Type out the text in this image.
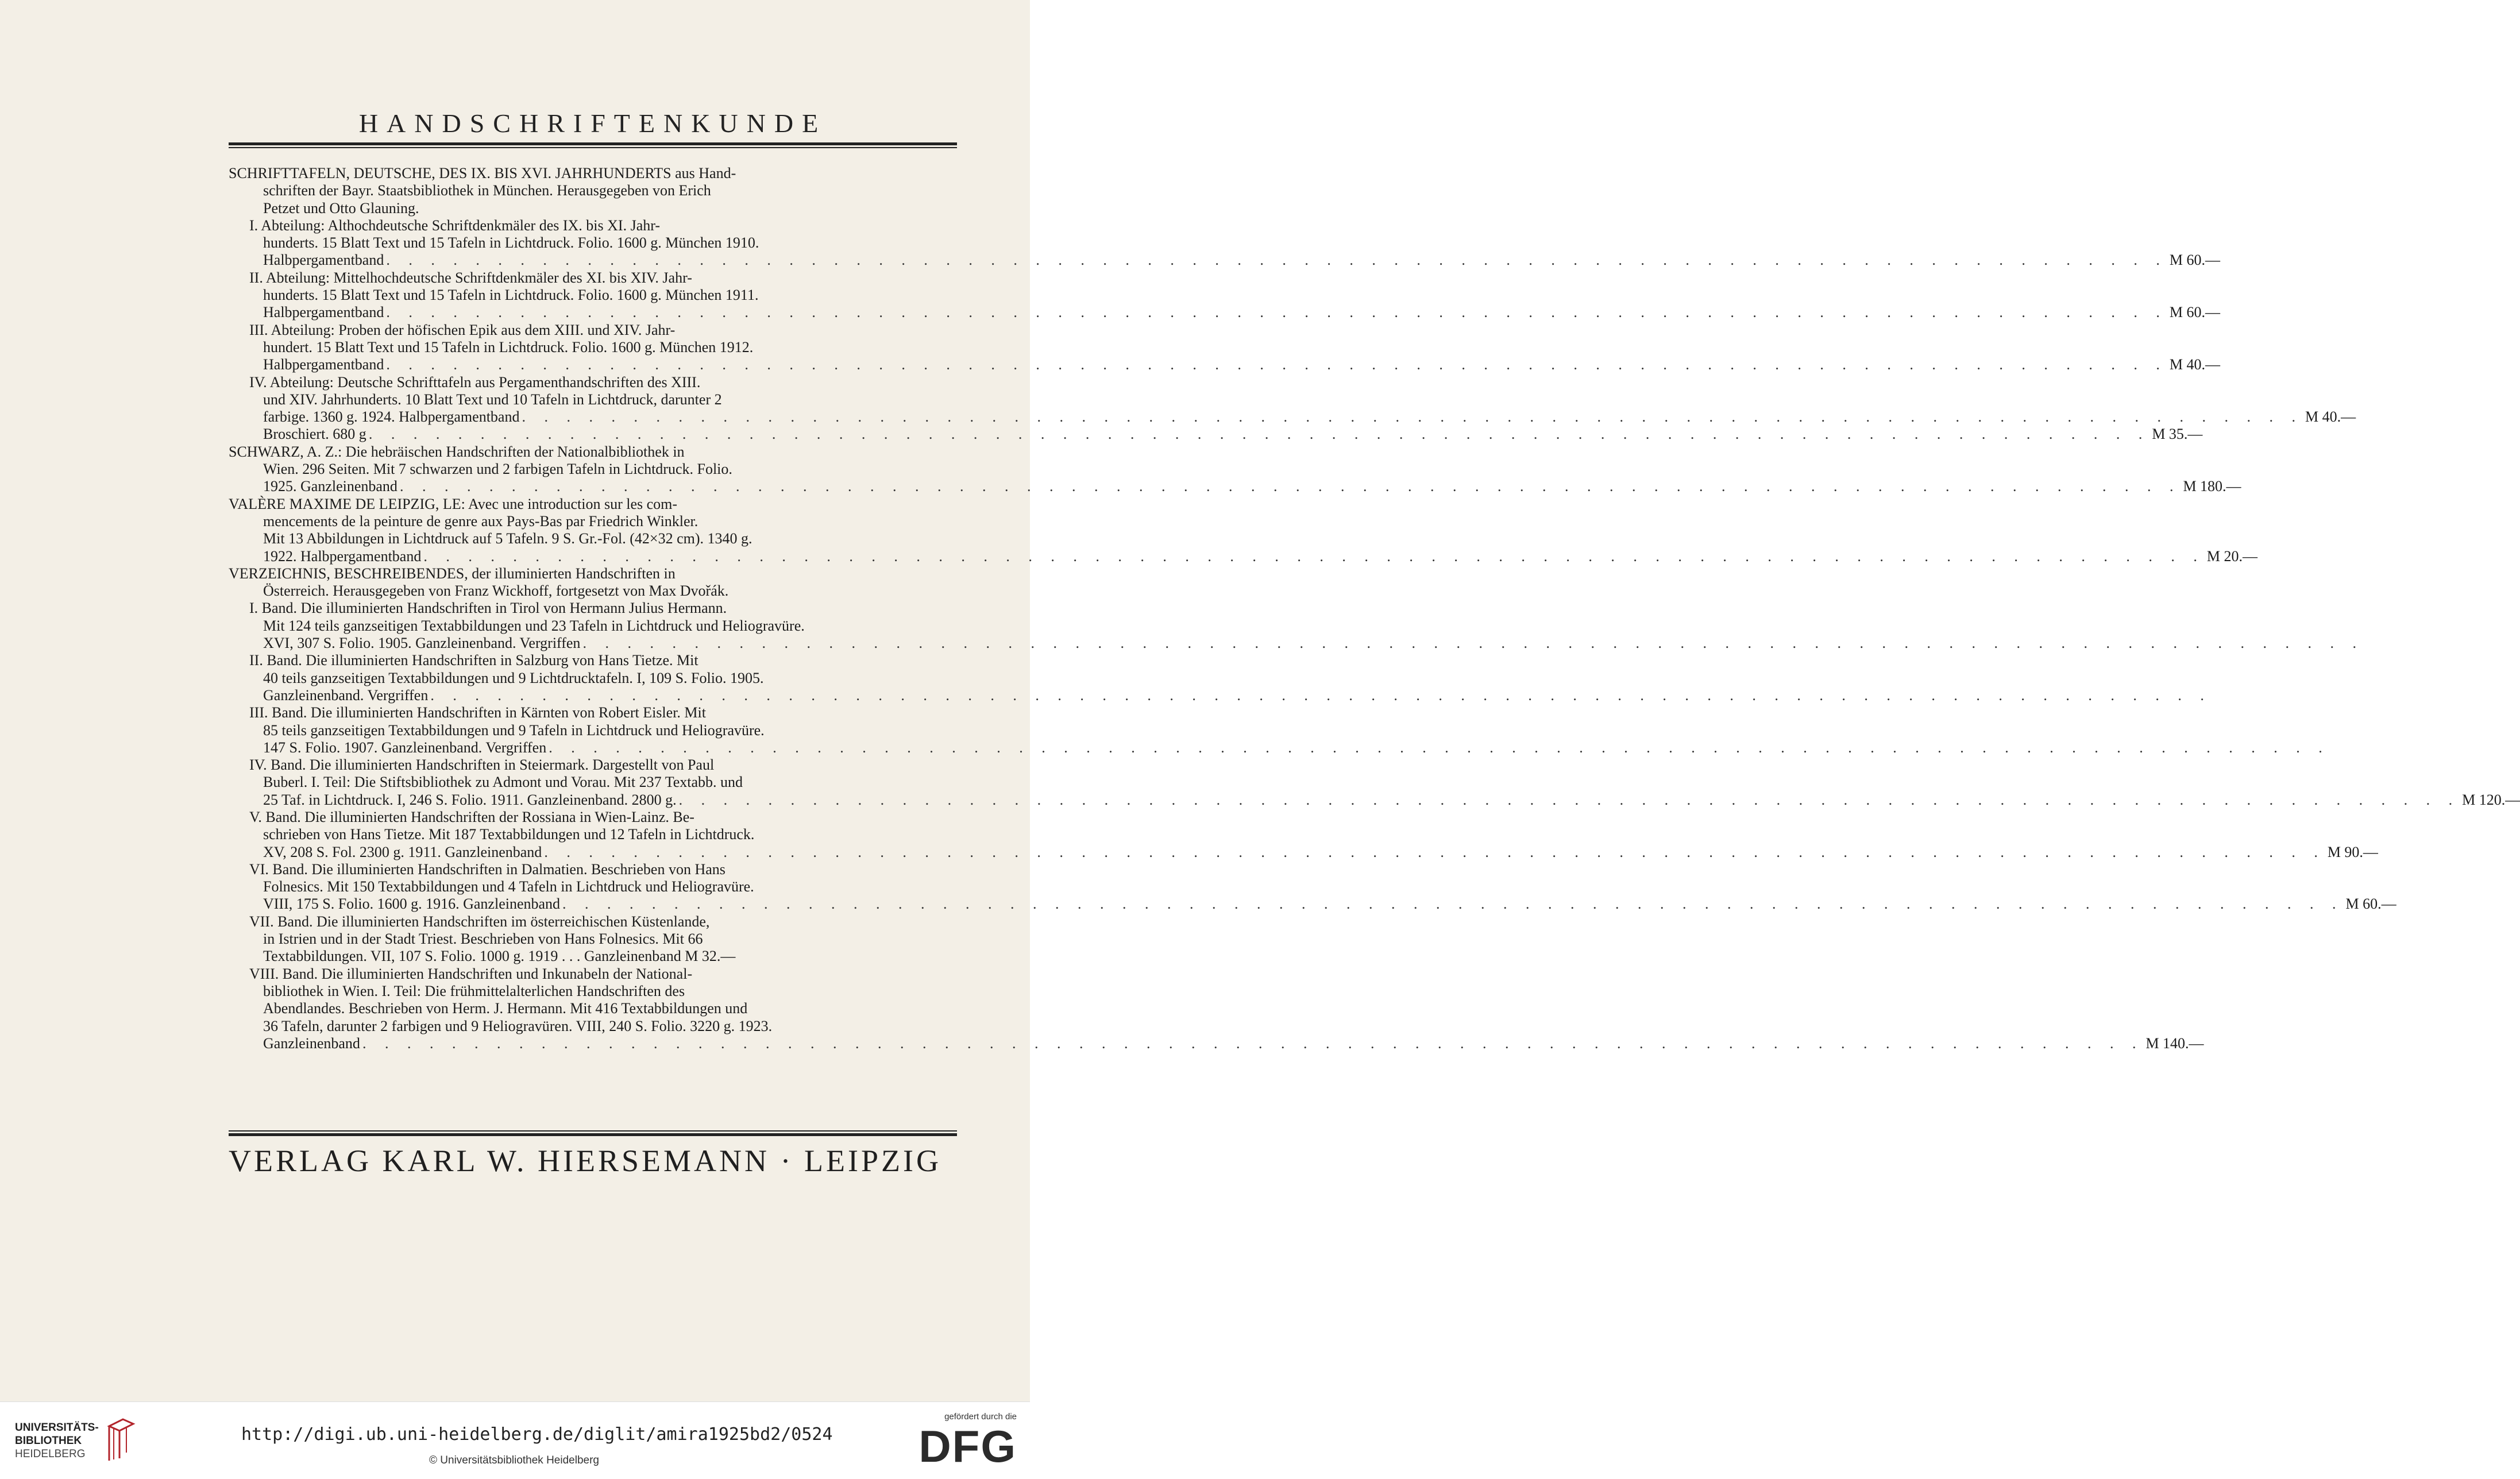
HANDSCHRIFTENKUNDE
SCHRIFTTAFELN, DEUTSCHE, DES IX. BIS XVI. JAHRHUNDERTS aus Hand-
schriften der Bayr. Staatsbibliothek in München. Herausgegeben von Erich
Petzet und Otto Glauning.
I. Abteilung: Althochdeutsche Schriftdenkmäler des IX. bis XI. Jahr-
hunderts. 15 Blatt Text und 15 Tafeln in Lichtdruck. Folio. 1600 g. München 1910.
Halbpergamentband . . . . . . . . . . . . . . . . . . . . . . . . . . . . . . . . . . . . . . . . . . . . . . . . . . . . . . . . . . . . . . . . . . . . . . . . . . . . . . . . M 60.—
II. Abteilung: Mittelhochdeutsche Schriftdenkmäler des XI. bis XIV. Jahr-
hunderts. 15 Blatt Text und 15 Tafeln in Lichtdruck. Folio. 1600 g. München 1911.
Halbpergamentband . . . . . . . . . . . . . . . . . . . . . . . . . . . . . . . . . . . . . . . . . . . . . . . . . . . . . . . . . . . . . . . . . . . . . . . . . . . . . . . . M 60.—
III. Abteilung: Proben der höfischen Epik aus dem XIII. und XIV. Jahr-
hundert. 15 Blatt Text und 15 Tafeln in Lichtdruck. Folio. 1600 g. München 1912.
Halbpergamentband . . . . . . . . . . . . . . . . . . . . . . . . . . . . . . . . . . . . . . . . . . . . . . . . . . . . . . . . . . . . . . . . . . . . . . . . . . . . . . . . M 40.—
IV. Abteilung: Deutsche Schrifttafeln aus Pergamenthandschriften des XIII.
und XIV. Jahrhunderts. 10 Blatt Text und 10 Tafeln in Lichtdruck, darunter 2
farbige. 1360 g. 1924. Halbpergamentband . . . . . . . . . . . . . . . . . . . . . . . . . . . . . . . . . . . . . . . . . . . . . . . . . . . . . . . . . . . . . . . . . . . . . . . . . . . . . . . . M 40.—
Broschiert. 680 g . . . . . . . . . . . . . . . . . . . . . . . . . . . . . . . . . . . . . . . . . . . . . . . . . . . . . . . . . . . . . . . . . . . . . . . . . . . . . . . . M 35.—
SCHWARZ, A. Z.: Die hebräischen Handschriften der Nationalbibliothek in
Wien. 296 Seiten. Mit 7 schwarzen und 2 farbigen Tafeln in Lichtdruck. Folio.
1925. Ganzleinenband . . . . . . . . . . . . . . . . . . . . . . . . . . . . . . . . . . . . . . . . . . . . . . . . . . . . . . . . . . . . . . . . . . . . . . . . . . . . . . . . M 180.—
VALÈRE MAXIME DE LEIPZIG, LE: Avec une introduction sur les com-
mencements de la peinture de genre aux Pays-Bas par Friedrich Winkler.
Mit 13 Abbildungen in Lichtdruck auf 5 Tafeln. 9 S. Gr.-Fol. (42×32 cm). 1340 g.
1922. Halbpergamentband . . . . . . . . . . . . . . . . . . . . . . . . . . . . . . . . . . . . . . . . . . . . . . . . . . . . . . . . . . . . . . . . . . . . . . . . . . . . . . . . M 20.—
VERZEICHNIS, BESCHREIBENDES, der illuminierten Handschriften in
Österreich. Herausgegeben von Franz Wickhoff, fortgesetzt von Max Dvořák.
I. Band. Die illuminierten Handschriften in Tirol von Hermann Julius Hermann.
Mit 124 teils ganzseitigen Textabbildungen und 23 Tafeln in Lichtdruck und Heliogravüre.
XVI, 307 S. Folio. 1905. Ganzleinenband. Vergriffen . . . . . . . . . . . . . . . . . . . . . . . . . . . . . . . . . . . . . . . . . . . . . . . . . . . . . . . . . . . . . . . . . . . . . . . . . . . . . . . .
II. Band. Die illuminierten Handschriften in Salzburg von Hans Tietze. Mit
40 teils ganzseitigen Textabbildungen und 9 Lichtdrucktafeln. I, 109 S. Folio. 1905.
Ganzleinenband. Vergriffen . . . . . . . . . . . . . . . . . . . . . . . . . . . . . . . . . . . . . . . . . . . . . . . . . . . . . . . . . . . . . . . . . . . . . . . . . . . . . . . .
III. Band. Die illuminierten Handschriften in Kärnten von Robert Eisler. Mit
85 teils ganzseitigen Textabbildungen und 9 Tafeln in Lichtdruck und Heliogravüre.
147 S. Folio. 1907. Ganzleinenband. Vergriffen . . . . . . . . . . . . . . . . . . . . . . . . . . . . . . . . . . . . . . . . . . . . . . . . . . . . . . . . . . . . . . . . . . . . . . . . . . . . . . . .
IV. Band. Die illuminierten Handschriften in Steiermark. Dargestellt von Paul
Buberl. I. Teil: Die Stiftsbibliothek zu Admont und Vorau. Mit 237 Textabb. und
25 Taf. in Lichtdruck. I, 246 S. Folio. 1911. Ganzleinenband. 2800 g. . . . . . . . . . . . . . . . . . . . . . . . . . . . . . . . . . . . . . . . . . . . . . . . . . . . . . . . . . . . . . . . . . . . . . . . . . . . . . . . . M 120.—
V. Band. Die illuminierten Handschriften der Rossiana in Wien-Lainz. Be-
schrieben von Hans Tietze. Mit 187 Textabbildungen und 12 Tafeln in Lichtdruck.
XV, 208 S. Fol. 2300 g. 1911. Ganzleinenband . . . . . . . . . . . . . . . . . . . . . . . . . . . . . . . . . . . . . . . . . . . . . . . . . . . . . . . . . . . . . . . . . . . . . . . . . . . . . . . . M 90.—
VI. Band. Die illuminierten Handschriften in Dalmatien. Beschrieben von Hans
Folnesics. Mit 150 Textabbildungen und 4 Tafeln in Lichtdruck und Heliogravüre.
VIII, 175 S. Folio. 1600 g. 1916. Ganzleinenband . . . . . . . . . . . . . . . . . . . . . . . . . . . . . . . . . . . . . . . . . . . . . . . . . . . . . . . . . . . . . . . . . . . . . . . . . . . . . . . . M 60.—
VII. Band. Die illuminierten Handschriften im österreichischen Küstenlande,
in Istrien und in der Stadt Triest. Beschrieben von Hans Folnesics. Mit 66
Textabbildungen. VII, 107 S. Folio. 1000 g. 1919 . . . Ganzleinenband M 32.—
VIII. Band. Die illuminierten Handschriften und Inkunabeln der National-
bibliothek in Wien. I. Teil: Die frühmittelalterlichen Handschriften des
Abendlandes. Beschrieben von Herm. J. Hermann. Mit 416 Textabbildungen und
36 Tafeln, darunter 2 farbigen und 9 Heliogravüren. VIII, 240 S. Folio. 3220 g. 1923.
Ganzleinenband . . . . . . . . . . . . . . . . . . . . . . . . . . . . . . . . . . . . . . . . . . . . . . . . . . . . . . . . . . . . . . . . . . . . . . . . . . . . . . . . M 140.—
VERLAG KARL W. HIERSEMANN · LEIPZIG
UNIVERSITÄTS-
BIBLIOTHEK
HEIDELBERG
http://digi.ub.uni-heidelberg.de/diglit/amira1925bd2/0524
© Universitätsbibliothek Heidelberg
gefördert durch die
DFG
